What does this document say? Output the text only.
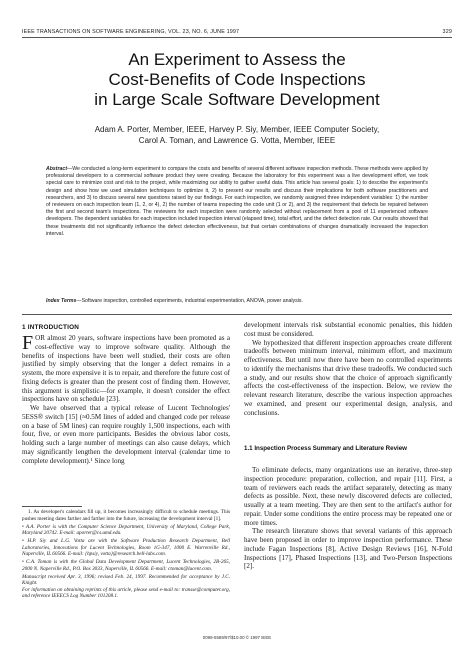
IEEE TRANSACTIONS ON SOFTWARE ENGINEERING, VOL. 23, NO. 6, JUNE 1997	329
An Experiment to Assess the
Cost-Benefits of Code Inspections
in Large Scale Software Development
Adam A. Porter, Member, IEEE, Harvey P. Siy, Member, IEEE Computer Society,
Carol A. Toman, and Lawrence G. Votta, Member, IEEE
Abstract—We conducted a long-term experiment to compare the costs and benefits of several different software inspection methods. These methods were applied by professional developers to a commercial software product they were creating. Because the laboratory for this experiment was a live development effort, we took special care to minimize cost and risk to the project, while maximizing our ability to gather useful data. This article has several goals: 1) to describe the experiment's design and show how we used simulation techniques to optimize it, 2) to present our results and discuss their implications for both software practitioners and researchers, and 3) to discuss several new questions raised by our findings. For each inspection, we randomly assigned three independent variables: 1) the number of reviewers on each inspection team (1, 2, or 4), 2) the number of teams inspecting the code unit (1 or 2), and 3) the requirement that defects be repaired between the first and second team's inspections. The reviewers for each inspection were randomly selected without replacement from a pool of 11 experienced software developers. The dependent variables for each inspection included inspection interval (elapsed time), total effort, and the defect detection rate. Our results showed that these treatments did not significantly influence the defect detection effectiveness, but that certain combinations of changes dramatically increased the inspection interval.
Index Terms—Software inspection, controlled experiments, industrial experimentation, ANOVA, power analysis.
1 INTRODUCTION

FOR almost 20 years, software inspections have been promoted as a cost-effective way to improve software quality. Although the benefits of inspections have been well studied, their costs are often justified by simply observing that the longer a defect remains in a system, the more expensive it is to repair, and therefore the future cost of fixing defects is greater than the present cost of finding them. However, this argument is simplistic—for example, it doesn't consider the effect inspections have on schedule [23].

We have observed that a typical release of Lucent Technologies' 5ESS® switch [15] (≈0.5M lines of added and changed code per release on a base of 5M lines) can require roughly 1,500 inspections, each with four, five, or even more participants. Besides the obvious labor costs, holding such a large number of meetings can also cause delays, which may significantly lengthen the development interval (calendar time to complete development).¹ Since long

1. As developer's calendars fill up, it becomes increasingly difficult to schedule meetings. This pushes meeting dates farther and farther into the future, increasing the development interval [1].

• A.A. Porter is with the Computer Science Department, University of Maryland, College Park, Maryland 20742. E-mail: aporter@cs.umd.edu.

• H.P. Siy and L.G. Votta are with the Software Production Research Department, Bell Laboratories, Innovations for Lucent Technologies, Room 1G-347, 1000 E. Warrenville Rd., Naperville, IL 60566. E-mail: {hpsiy, votta}@research.bell-labs.com.

• C.A. Toman is with the Global Data Development Department, Lucent Technologies, 2B-265, 2000 N. Naperville Rd., P.O. Box 3033, Naperville, IL 60566. E-mail: ctoman@lucent.com.

Manuscript received Apr. 3, 1996; revised Feb. 24, 1997. Recommended for acceptance by J.C. Knight.

For information on obtaining reprints of this article, please send e-mail to: transse@computer.org, and reference IEEECS Log Number 101208.1.

development intervals risk substantial economic penalties, this hidden cost must be considered.

We hypothesized that different inspection approaches create different tradeoffs between minimum interval, minimum effort, and maximum effectiveness. But until now there have been no controlled experiments to identify the mechanisms that drive these tradeoffs. We conducted such a study, and our results show that the choice of approach significantly affects the cost-effectiveness of the inspection. Below, we review the relevant research literature, describe the various inspection approaches we examined, and present our experimental design, analysis, and conclusions.

1.1 Inspection Process Summary and Literature Review

To eliminate defects, many organizations use an iterative, three-step inspection procedure: preparation, collection, and repair [11]. First, a team of reviewers each reads the artifact separately, detecting as many defects as possible. Next, these newly discovered defects are collected, usually at a team meeting. They are then sent to the artifact's author for repair. Under some conditions the entire process may be repeated one or more times.

The research literature shows that several variants of this approach have been proposed in order to improve inspection performance. These include Fagan Inspections [8], Active Design Reviews [16], N-Fold Inspections [17], Phased Inspections [13], and Two-Person Inspections [2].

0098-5589/97/$10.00 © 1997 IEEE
